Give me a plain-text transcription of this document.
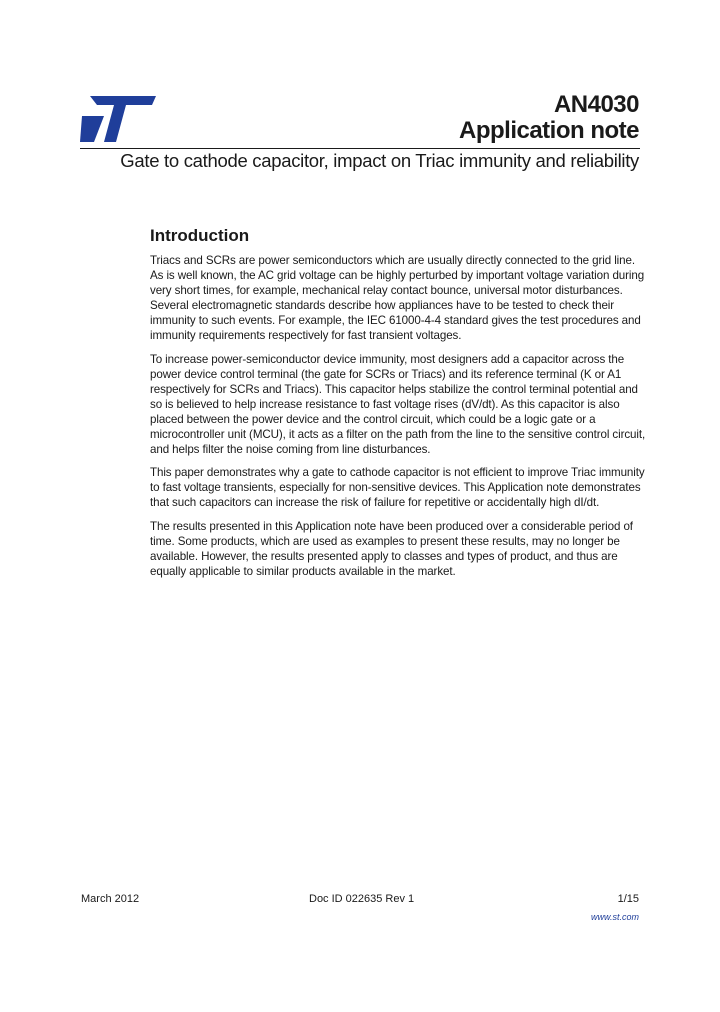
AN4030
Application note
Gate to cathode capacitor, impact on Triac immunity and reliability
Introduction

Triacs and SCRs are power semiconductors which are usually directly connected to the grid line. As is well known, the AC grid voltage can be highly perturbed by important voltage variation during very short times, for example, mechanical relay contact bounce, universal motor disturbances. Several electromagnetic standards describe how appliances have to be tested to check their immunity to such events. For example, the IEC 61000-4-4 standard gives the test procedures and immunity requirements respectively for fast transient voltages.

To increase power-semiconductor device immunity, most designers add a capacitor across the power device control terminal (the gate for SCRs or Triacs) and its reference terminal (K or A1 respectively for SCRs and Triacs). This capacitor helps stabilize the control terminal potential and so is believed to help increase resistance to fast voltage rises (dV/dt). As this capacitor is also placed between the power device and the control circuit, which could be a logic gate or a microcontroller unit (MCU), it acts as a filter on the path from the line to the sensitive control circuit, and helps filter the noise coming from line disturbances.

This paper demonstrates why a gate to cathode capacitor is not efficient to improve Triac immunity to fast voltage transients, especially for non-sensitive devices. This Application note demonstrates that such capacitors can increase the risk of failure for repetitive or accidentally high dI/dt.

The results presented in this Application note have been produced over a considerable period of time. Some products, which are used as examples to present these results, may no longer be available. However, the results presented apply to classes and types of product, and thus are equally applicable to similar products available in the market.

March 2012	Doc ID 022635 Rev 1	1/15
www.st.com
